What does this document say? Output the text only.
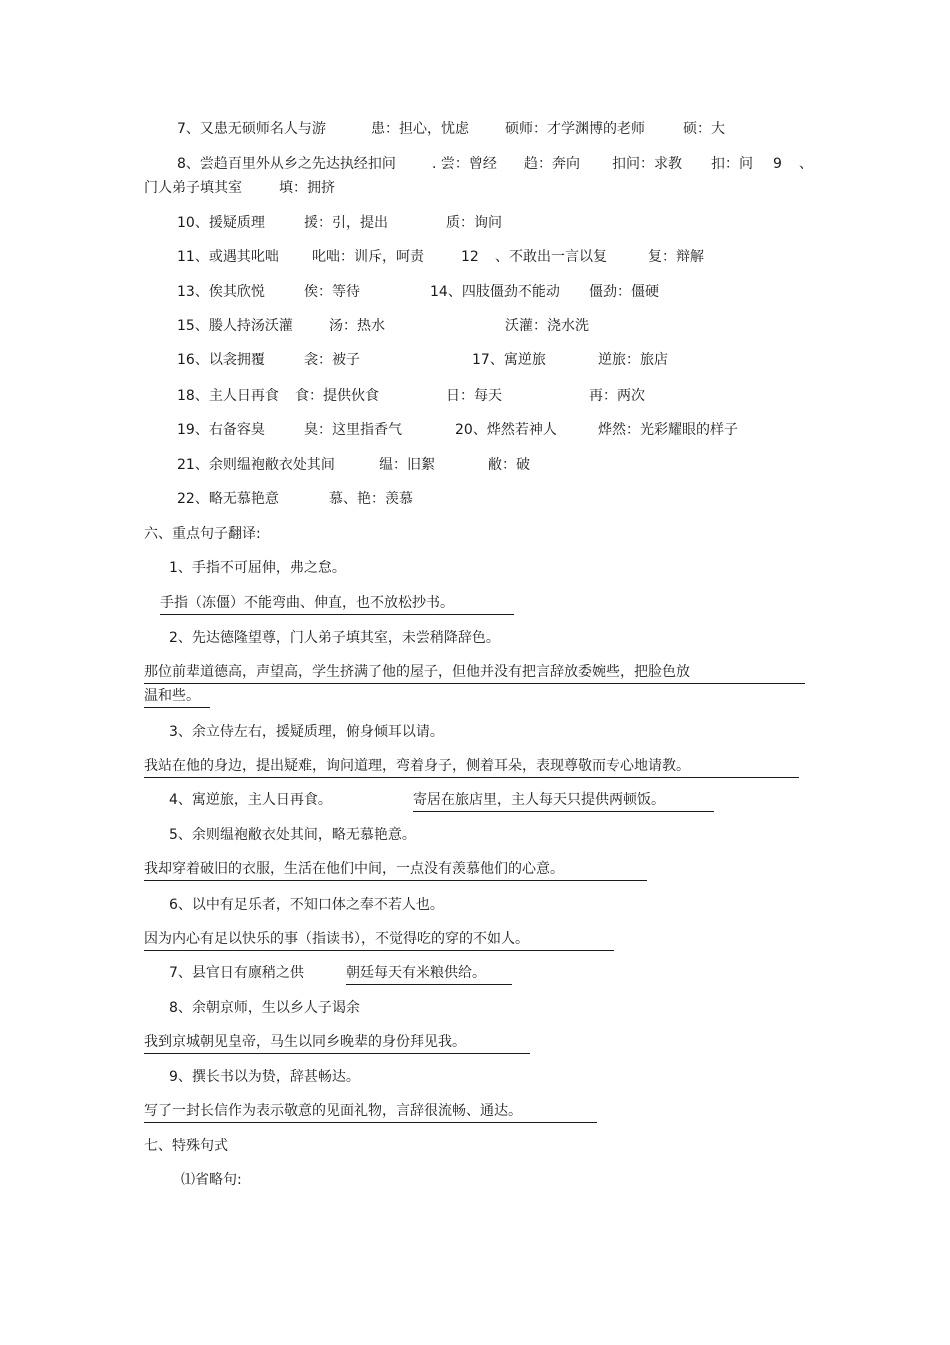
7、又患无硕师名人与游	患：担心，忧虑	硕师：才学渊博的老师	硕：大
8、尝趋百里外从乡之先达执经扣问	. 尝：曾经 趋：奔向 扣问：求教 扣：问 9 、
门人弟子填其室	填：拥挤
10、援疑质理	援：引，提出	质：询问
11、或遇其叱咄 叱咄：训斥，呵责	12 、不敢出一言以复	复：辩解
13、俟其欣悦	俟：等待	14、四肢僵劲不能动 僵劲：僵硬
15、媵人持汤沃灌	汤：热水	沃灌：浇水洗
16、以衾拥覆	衾：被子	17、寓逆旅	逆旅：旅店
18、主人日再食 食：提供伙食	日：每天	再：两次
19、右备容臭	臭：这里指香气	20、烨然若神人	烨然：光彩耀眼的样子
21、余则缊袍敝衣处其间	缊：旧絮	敝：破
22、略无慕艳意	慕、艳：羡慕
六、重点句子翻译:
1、手指不可屈伸，弗之怠。
手指（冻僵）不能弯曲、伸直，也不放松抄书。
2、先达德隆望尊，门人弟子填其室，未尝稍降辞色。
那位前辈道德高，声望高，学生挤满了他的屋子，但他并没有把言辞放委婉些，把脸色放
温和些。
3、余立侍左右，援疑质理，俯身倾耳以请。
我站在他的身边，提出疑难，询问道理，弯着身子，侧着耳朵，表现尊敬而专心地请教。
4、寓逆旅，主人日再食。	寄居在旅店里，主人每天只提供两顿饭。
5、余则缊袍敝衣处其间，略无慕艳意。
我却穿着破旧的衣服，生活在他们中间，一点没有羡慕他们的心意。
6、以中有足乐者，不知口体之奉不若人也。
因为内心有足以快乐的事（指读书），不觉得吃的穿的不如人。
7、县官日有廪稍之供	朝廷每天有米粮供给。
8、余朝京师，生以乡人子谒余
我到京城朝见皇帝，马生以同乡晚辈的身份拜见我。
9、撰长书以为贽，辞甚畅达。
写了一封长信作为表示敬意的见面礼物，言辞很流畅、通达。
七、特殊句式
⑴省略句:
